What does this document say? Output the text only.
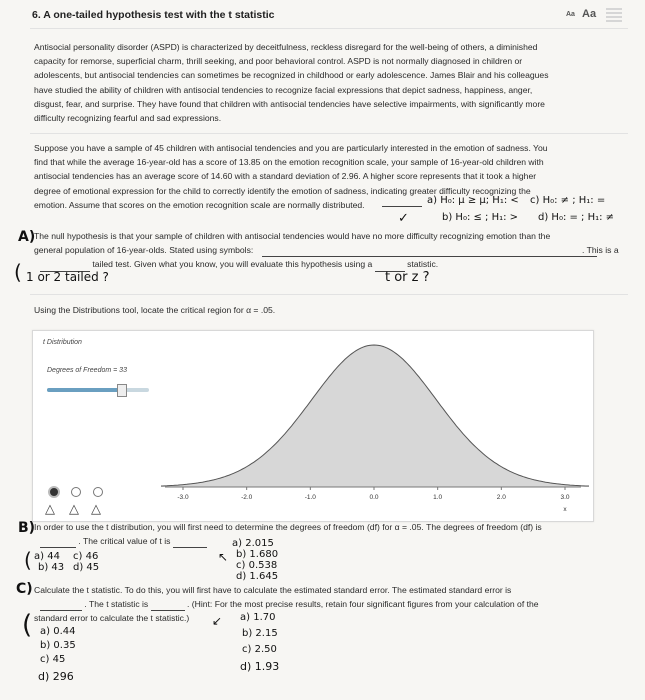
6. A one-tailed hypothesis test with the t statistic	Aa Aa
Antisocial personality disorder (ASPD) is characterized by deceitfulness, reckless disregard for the well-being of others, a diminished
capacity for remorse, superficial charm, thrill seeking, and poor behavioral control. ASPD is not normally diagnosed in children or
adolescents, but antisocial tendencies can sometimes be recognized in childhood or early adolescence. James Blair and his colleagues
have studied the ability of children with antisocial tendencies to recognize facial expressions that depict sadness, happiness, anger,
disgust, fear, and surprise. They have found that children with antisocial tendencies have selective impairments, with significantly more
difficulty recognizing fearful and sad expressions.
Suppose you have a sample of 45 children with antisocial tendencies and you are particularly interested in the emotion of sadness. You
find that while the average 16-year-old has a score of 13.85 on the emotion recognition scale, your sample of 16-year-old children with
antisocial tendencies has an average score of 14.60 with a standard deviation of 2.96. A higher score represents that it took a higher
degree of emotional expression for the child to correctly identify the emotion of sadness, indicating greater difficulty recognizing the
emotion. Assume that scores on the emotion recognition scale are normally distributed.	a) H₀: μ ≥ μ; H₁: < c) H₀: ≠ ; H₁: =
✓	b) H₀: ≤ ; H₁: > d) H₀: = ; H₁: ≠
A)
The null hypothesis is that your sample of children with antisocial tendencies would have no more difficulty recognizing emotion than the
general population of 16-year-olds. Stated using symbols:	. This is a
tailed test. Given what you know, you will evaluate this hypothesis using a	statistic.
( 1 or 2 tailed ?	t or z ?
Using the Distributions tool, locate the critical region for α = .05.
t Distribution
Degrees of Freedom = 33
△ △ △
-3.0	-2.0	-1.0	0.0	1.0	2.0	3.0
x
B)
In order to use the t distribution, you will first need to determine the degrees of freedom (df) for α = .05. The degrees of freedom (df) is
. The critical value of t is
( a) 44 c) 46
b) 43 d) 45
↖
a) 2.015
b) 1.680
c) 0.538
d) 1.645
C) Calculate the t statistic. To do this, you will first have to calculate the estimated standard error. The estimated standard error is
. The t statistic is	. (Hint: For the most precise results, retain four significant figures from your calculation of the
standard error to calculate the t statistic.)
( a) 0.44
b) 0.35
c) 45
d) 296
↙ a) 1.70
b) 2.15
c) 2.50
d) 1.93
